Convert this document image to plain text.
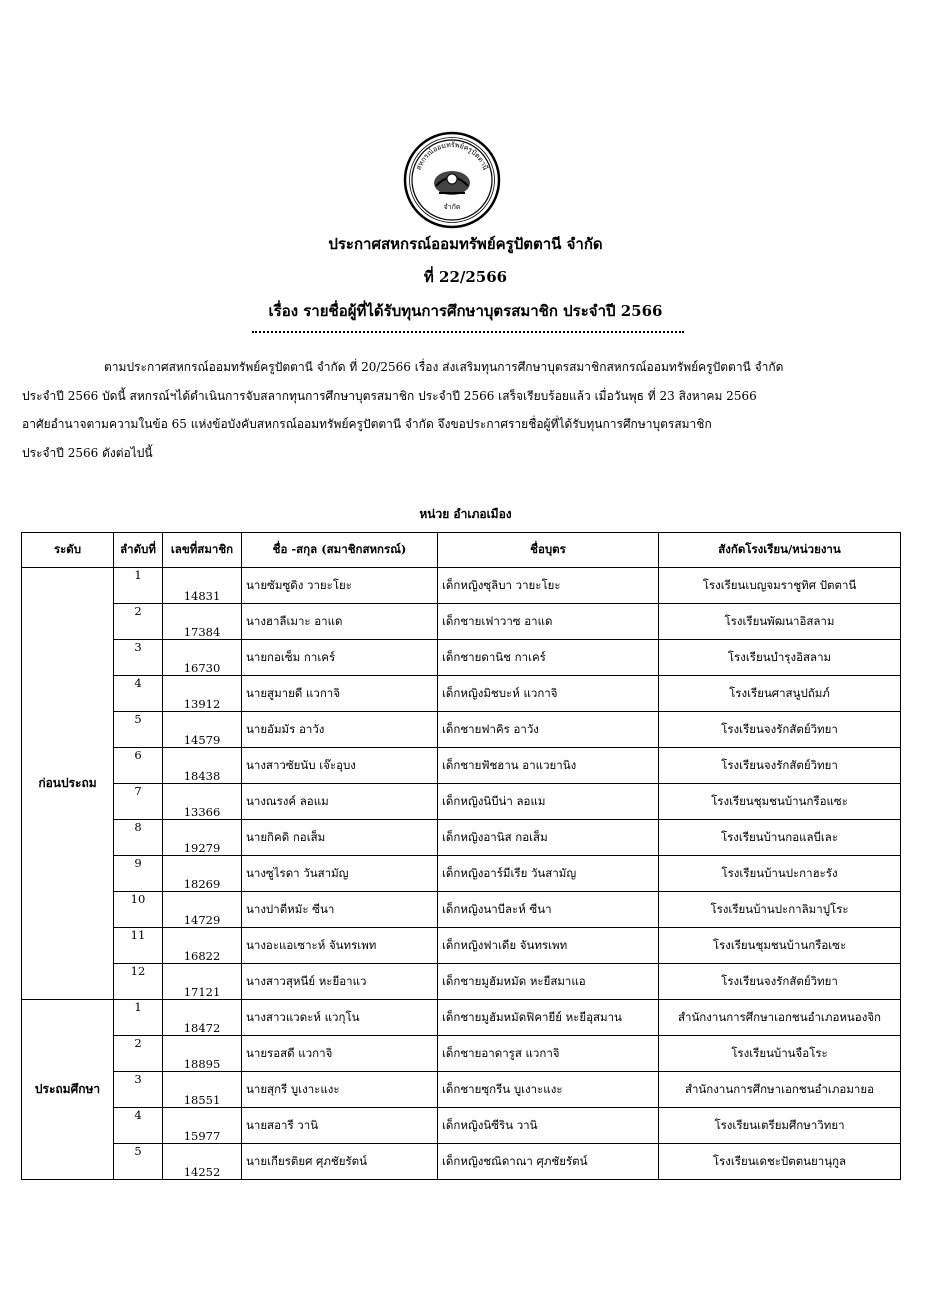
สหกรณ์ออมทรัพย์ครูปัตตานี
จำกัด
ประกาศสหกรณ์ออมทรัพย์ครูปัตตานี จำกัด
ที่ 22/2566
เรื่อง รายชื่อผู้ที่ได้รับทุนการศึกษาบุตรสมาชิก ประจำปี 2566

ตามประกาศสหกรณ์ออมทรัพย์ครูปัตตานี จำกัด ที่ 20/2566 เรื่อง ส่งเสริมทุนการศึกษาบุตรสมาชิกสหกรณ์ออมทรัพย์ครูปัตตานี จำกัด

ประจำปี 2566 บัดนี้ สหกรณ์ฯได้ดำเนินการจับสลากทุนการศึกษาบุตรสมาชิก ประจำปี 2566 เสร็จเรียบร้อยแล้ว เมื่อวันพุธ ที่ 23 สิงหาคม 2566

อาศัยอำนาจตามความในข้อ 65 แห่งข้อบังคับสหกรณ์ออมทรัพย์ครูปัตตานี จำกัด จึงขอประกาศรายชื่อผู้ที่ได้รับทุนการศึกษาบุตรสมาชิก

ประจำปี 2566 ดังต่อไปนี้

หน่วย อำเภอเมือง
ระดับ	ลำดับที่	เลขที่สมาชิก	ชื่อ -สกุล (สมาชิกสหกรณ์)	ชื่อบุตร	สังกัดโรงเรียน/หน่วยงาน
ก่อนประถม	1	14831	นายซัมซูดิง วายะโยะ	เด็กหญิงซุลิบา วายะโยะ	โรงเรียนเบญจมราชูทิศ ปัตตานี
	2	17384	นางฮาลีเมาะ อาแด	เด็กชายเฟาวาซ อาแด	โรงเรียนพัฒนาอิสลาม
	3	16730	นายกอเซ็ม กาเคร์	เด็กชายดานิช กาเคร์	โรงเรียนบำรุงอิสลาม
	4	13912	นายสูมายดี แวกาจิ	เด็กหญิงมิชบะห์ แวกาจิ	โรงเรียนศาสนูปถัมภ์
	5	14579	นายอัมมัร อาวัง	เด็กชายฟาคิร อาวัง	โรงเรียนจงรักสัตย์วิทยา
	6	18438	นางสาวซัยนับ เจ๊ะอุบง	เด็กชายฟัชฮาน อาแวยานิง	โรงเรียนจงรักสัตย์วิทยา
	7	13366	นางณรงค์ ลอแม	เด็กหญิงนิบีน่า ลอแม	โรงเรียนชุมชนบ้านกรือแซะ
	8	19279	นายกิคดิ กอเส็ม	เด็กหญิงอานิส กอเส็ม	โรงเรียนบ้านกอแลบีเละ
	9	18269	นางซูไรดา วันสามัญ	เด็กหญิงอาร์มีเรีย วันสามัญ	โรงเรียนบ้านปะกาฮะรัง
	10	14729	นางปาตีหมัะ ซีนา	เด็กหญิงนาบีละห์ ซีนา	โรงเรียนบ้านปะกาลิมาปูโระ
	11	16822	นางอะแอเซาะห์ จันทรเพท	เด็กหญิงฟาเดีย จันทรเพท	โรงเรียนชุมชนบ้านกรือเซะ
	12	17121	นางสาวสุหนีย์ หะยีอาแว	เด็กชายมูฮัมหมัด หะยีสมาแอ	โรงเรียนจงรักสัตย์วิทยา
ประถมศึกษา	1	18472	นางสาวแวดะห์ แวกุโน	เด็กชายมูฮัมหมัดฟิคายีย์ หะยีอุสมาน	สำนักงานการศึกษาเอกชนอำเภอหนองจิก
	2	18895	นายรอสดี แวกาจิ	เด็กชายอาดารูส แวกาจิ	โรงเรียนบ้านจือโระ
	3	18551	นายสุกรี บูเงาะแงะ	เด็กชายซุกรีน บูเงาะแงะ	สำนักงานการศึกษาเอกชนอำเภอมายอ
	4	15977	นายสอารี วานิ	เด็กหญิงนิซีริน วานิ	โรงเรียนเตรียมศึกษาวิทยา
	5	14252	นายเกียรติยศ ศุภชัยรัตน์	เด็กหญิงชณิดาณา ศุภชัยรัตน์	โรงเรียนเดชะปัตตนยานุกูล
